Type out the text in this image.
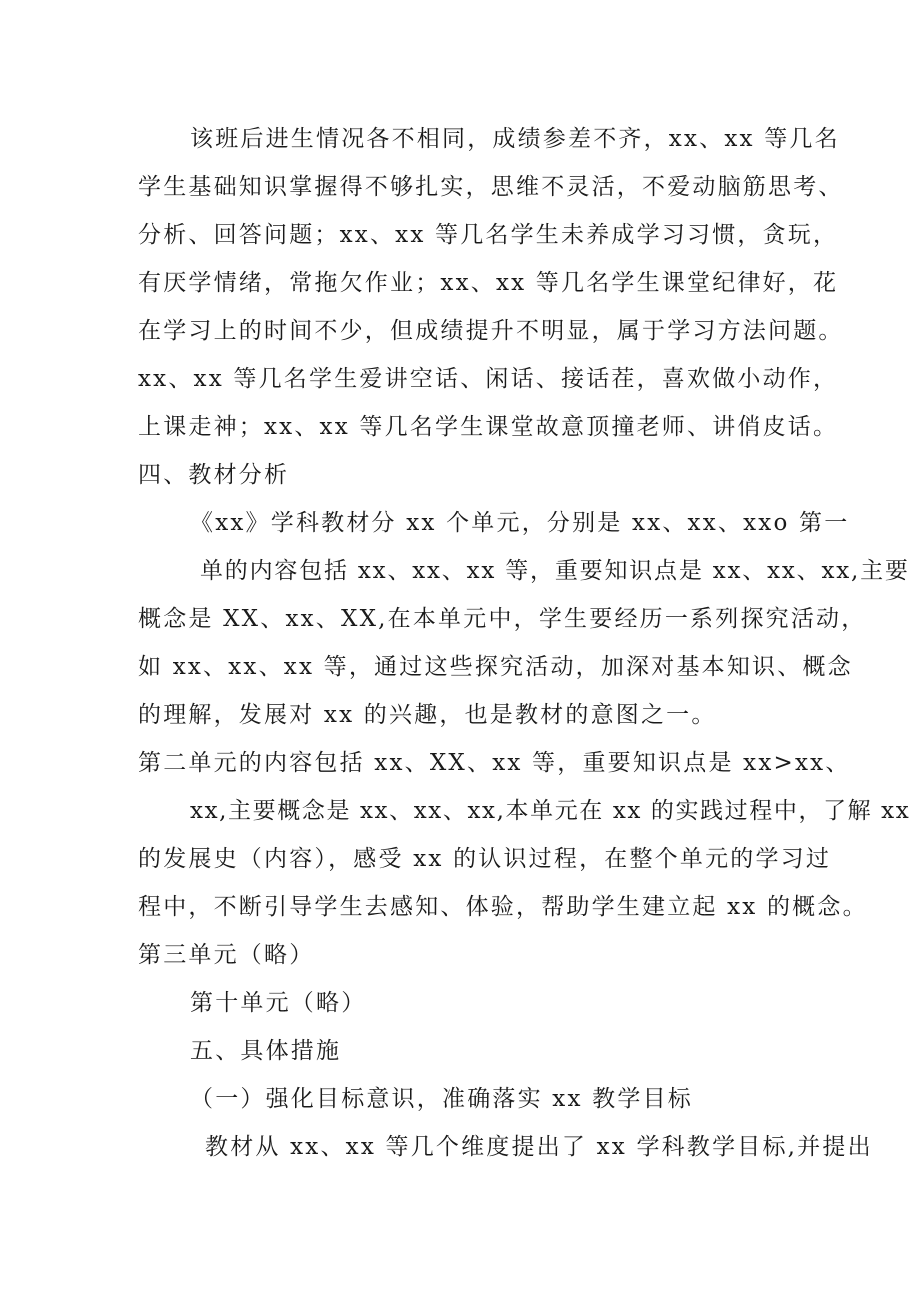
该班后进生情况各不相同，成绩参差不齐，xx、xx 等几名
学生基础知识掌握得不够扎实，思维不灵活，不爱动脑筋思考、
分析、回答问题；xx、xx 等几名学生未养成学习习惯，贪玩，
有厌学情绪，常拖欠作业；xx、xx 等几名学生课堂纪律好，花
在学习上的时间不少，但成绩提升不明显，属于学习方法问题。
xx、xx 等几名学生爱讲空话、闲话、接话茬，喜欢做小动作，
上课走神；xx、xx 等几名学生课堂故意顶撞老师、讲俏皮话。
四、教材分析
《xx》学科教材分 xx 个单元，分别是 xx、xx、xxo 第一
单的内容包括 xx、xx、xx 等，重要知识点是 xx、xx、xx,主要
概念是 XX、xx、XX,在本单元中，学生要经历一系列探究活动，
如 xx、xx、xx 等，通过这些探究活动，加深对基本知识、概念
的理解，发展对 xx 的兴趣，也是教材的意图之一。
第二单元的内容包括 xx、XX、xx 等，重要知识点是 xx>xx、
xx,主要概念是 xx、xx、xx,本单元在 xx 的实践过程中，了解 xx
的发展史（内容），感受 xx 的认识过程，在整个单元的学习过
程中，不断引导学生去感知、体验，帮助学生建立起 xx 的概念。
第三单元（略）
第十单元（略）
五、具体措施
（一）强化目标意识，准确落实 xx 教学目标
教材从 xx、xx 等几个维度提出了 xx 学科教学目标,并提出
